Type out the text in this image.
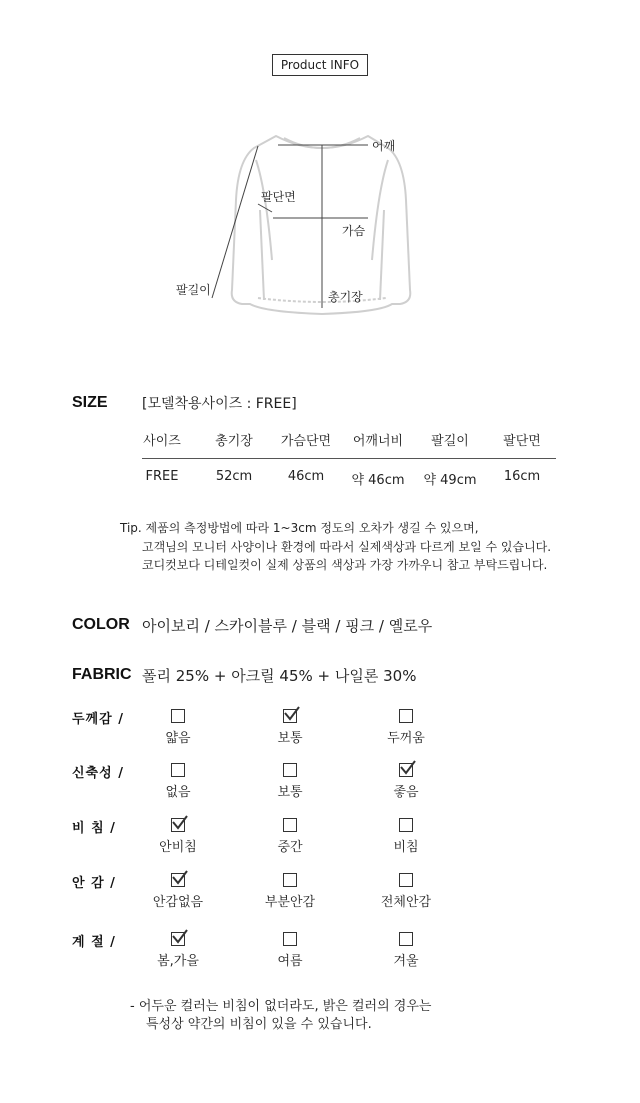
Product INFO
어깨
팔단면
가슴
총기장
팔길이
SIZE [모델착용사이즈 : FREE]
사이즈	총기장	가슴단면	어깨너비	팔길이	팔단면
FREE	52cm	46cm	약 46cm	약 49cm	16cm
Tip. 제품의 측정방법에 따라 1~3cm 정도의 오차가 생길 수 있으며,
고객님의 모니터 사양이나 환경에 따라서 실제색상과 다르게 보일 수 있습니다.
코디컷보다 디테일컷이 실제 상품의 색상과 가장 가까우니 참고 부탁드립니다.
COLOR 아이보리 / 스카이블루 / 블랙 / 핑크 / 옐로우
FABRIC 폴리 25% + 아크릴 45% + 나일론 30%
두께감 /
얇음	보통	두꺼움
신축성 /
없음	보통	좋음
비 침 /
안비침	중간	비침
안 감 /
안감없음	부분안감	전체안감
계 절 /
봄,가을	여름	겨울
- 어두운 컬러는 비침이 없더라도, 밝은 컬러의 경우는
특성상 약간의 비침이 있을 수 있습니다.
